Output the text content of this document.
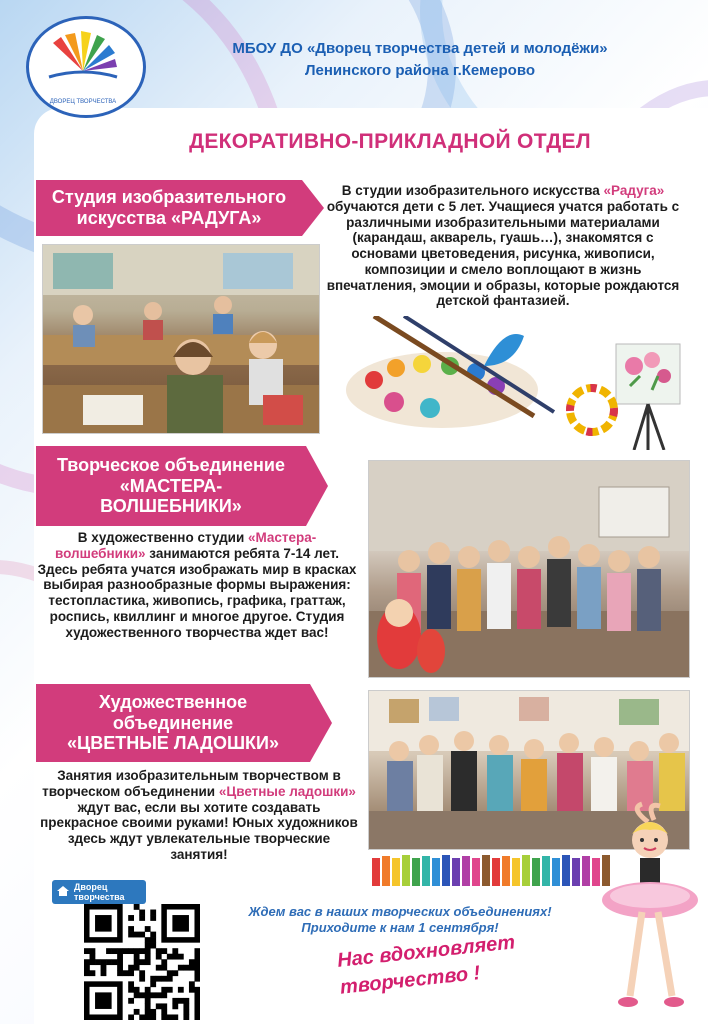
ДВОРЕЦ ТВОРЧЕСТВА
МБОУ ДО «Дворец творчества детей и молодёжи»
Ленинского района г.Кемерово
ДЕКОРАТИВНО-ПРИКЛАДНОЙ ОТДЕЛ
Студия изобразительного
искусства «РАДУГА»
В студии изобразительного искусства «Радуга» обучаются дети с 5 лет. Учащиеся учатся работать с различными изобразительными материалами (карандаш, акварель, гуашь…), знакомятся с основами цветоведения, рисунка, живописи, композиции и смело воплощают в жизнь впечатления, эмоции и образы, которые рождаются детской фантазией.
Творческое объединение
«МАСТЕРА-
ВОЛШЕБНИКИ»
В художественно студии «Мастера-волшебники» занимаются ребята 7-14 лет. Здесь ребята учатся изображать мир в красках выбирая разнообразные формы выражения: тестопластика, живопись, графика, граттаж, роспись, квиллинг и многое другое. Студия художественного творчества ждет вас!
Художественное
объединение
«ЦВЕТНЫЕ ЛАДОШКИ»
Занятия изобразительным творчеством в творческом объединении «Цветные ладошки» ждут вас, если вы хотите создавать прекрасное своими руками! Юных художников здесь ждут увлекательные творческие занятия!
Дворец творчества
Ждем вас в наших творческих объединениях!
Приходите к нам 1 сентября!
Нас вдохновляет
творчество !
